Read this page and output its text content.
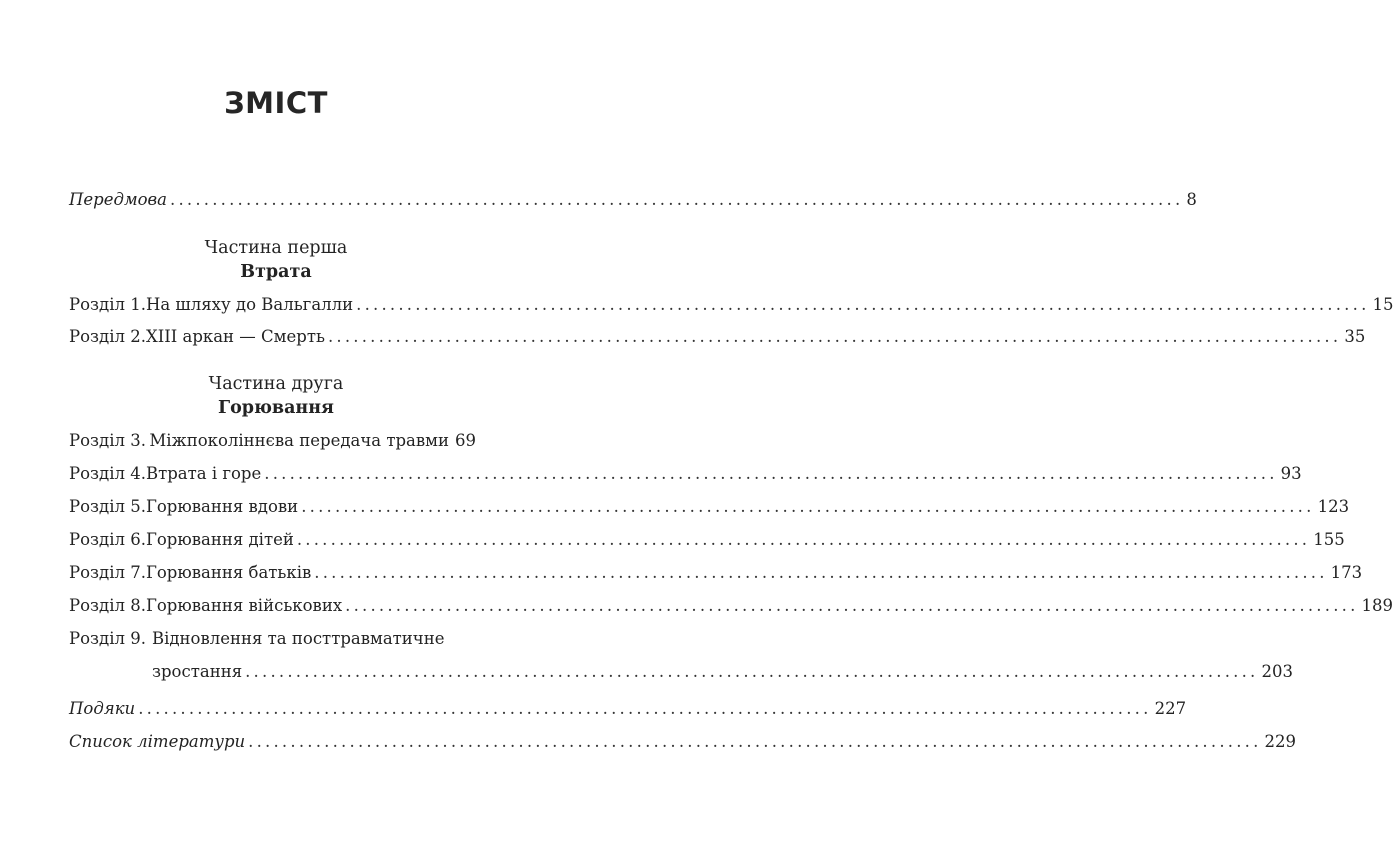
ЗМІСТ
Передмова ........................................................................................................................ 8
Частина перша
Втрата
Розділ 1. На шляху до Вальгалли ........................................................................................................................ 15
Розділ 2. XIII аркан — Смерть ........................................................................................................................ 35
Частина друга
Горювання
Розділ 3. Міжпоколіннєва передача травми 69
Розділ 4. Втрата і горе ........................................................................................................................ 93
Розділ 5. Горювання вдови ........................................................................................................................ 123
Розділ 6. Горювання дітей ........................................................................................................................ 155
Розділ 7. Горювання батьків ........................................................................................................................ 173
Розділ 8. Горювання військових ........................................................................................................................ 189
Розділ 9. Відновлення та посттравматичне
зростання ........................................................................................................................ 203
Подяки ........................................................................................................................ 227
Список літератури ........................................................................................................................ 229
